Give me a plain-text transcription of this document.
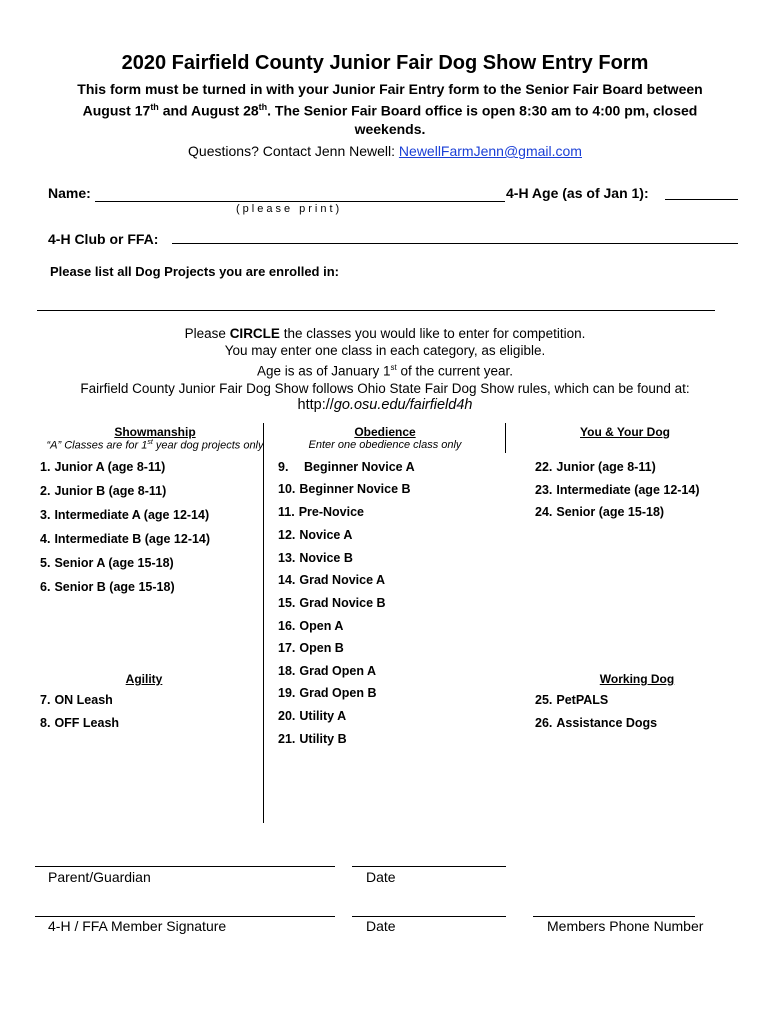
2020 Fairfield County Junior Fair Dog Show Entry Form
This form must be turned in with your Junior Fair Entry form to the Senior Fair Board between
August 17th and August 28th. The Senior Fair Board office is open 8:30 am to 4:00 pm, closed
weekends.
Questions? Contact Jenn Newell: NewellFarmJenn@gmail.com
Name:
(please print)
4-H Age (as of Jan 1):
4-H Club or FFA:
Please list all Dog Projects you are enrolled in:
Please CIRCLE the classes you would like to enter for competition.
You may enter one class in each category, as eligible.
Age is as of January 1st of the current year.
Fairfield County Junior Fair Dog Show follows Ohio State Fair Dog Show rules, which can be found at:
http://go.osu.edu/fairfield4h
Showmanship
“A” Classes are for 1st year dog projects only
1. Junior A (age 8-11)
2. Junior B (age 8-11)
3. Intermediate A (age 12-14)
4. Intermediate B (age 12-14)
5. Senior A (age 15-18)
6. Senior B (age 15-18)
Agility
7. ON Leash
8. OFF Leash
Obedience
Enter one obedience class only
9. Beginner Novice A
10. Beginner Novice B
11. Pre-Novice
12. Novice A
13. Novice B
14. Grad Novice A
15. Grad Novice B
16. Open A
17. Open B
18. Grad Open A
19. Grad Open B
20. Utility A
21. Utility B
You & Your Dog
22. Junior (age 8-11)
23. Intermediate (age 12-14)
24. Senior (age 15-18)
Working Dog
25. PetPALS
26. Assistance Dogs
Parent/Guardian	Date
4-H / FFA Member Signature	Date	Members Phone Number
